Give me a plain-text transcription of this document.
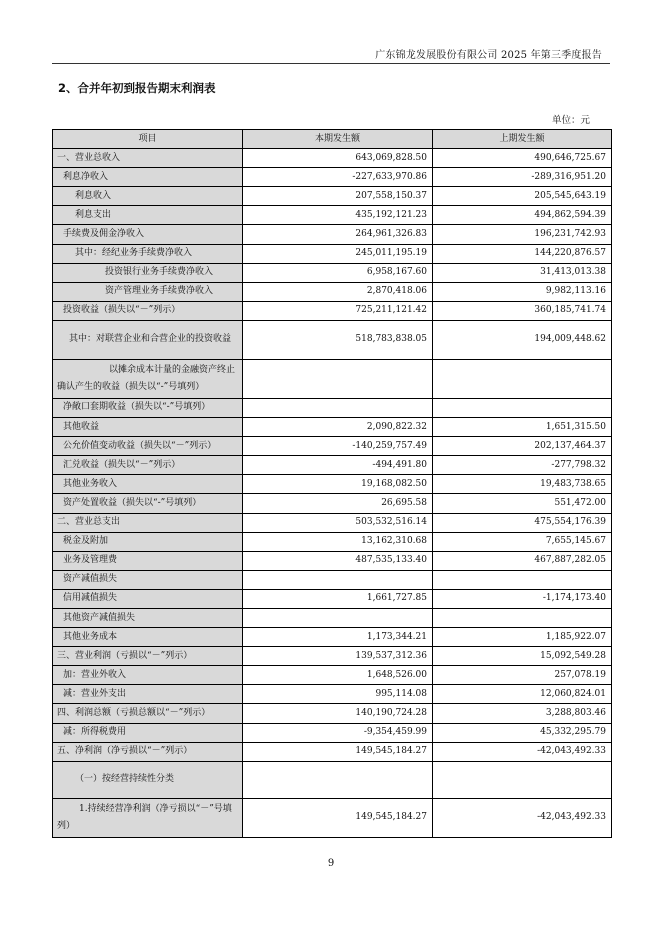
广东锦龙发展股份有限公司 2025 年第三季度报告
2、合并年初到报告期末利润表
单位：元
项目	本期发生额	上期发生额
一、营业总收入	643,069,828.50	490,646,725.67
利息净收入	-227,633,970.86	-289,316,951.20
利息收入	207,558,150.37	205,545,643.19
利息支出	435,192,121.23	494,862,594.39
手续费及佣金净收入	264,961,326.83	196,231,742.93
其中：经纪业务手续费净收入	245,011,195.19	144,220,876.57
投资银行业务手续费净收入	6,958,167.60	31,413,013.38
资产管理业务手续费净收入	2,870,418.06	9,982,113.16
投资收益（损失以“－”列示）	725,211,121.42	360,185,741.74
其中：对联营企业和合营企业的投资收益	518,783,838.05	194,009,448.62
以摊余成本计量的金融资产终止确认产生的收益（损失以“-”号填列）		
净敞口套期收益（损失以“-”号填列）		
其他收益	2,090,822.32	1,651,315.50
公允价值变动收益（损失以“－”列示）	-140,259,757.49	202,137,464.37
汇兑收益（损失以“－”列示）	-494,491.80	-277,798.32
其他业务收入	19,168,082.50	19,483,738.65
资产处置收益（损失以“-”号填列）	26,695.58	551,472.00
二、营业总支出	503,532,516.14	475,554,176.39
税金及附加	13,162,310.68	7,655,145.67
业务及管理费	487,535,133.40	467,887,282.05
资产减值损失		
信用减值损失	1,661,727.85	-1,174,173.40
其他资产减值损失		
其他业务成本	1,173,344.21	1,185,922.07
三、营业利润（亏损以“－”列示）	139,537,312.36	15,092,549.28
加：营业外收入	1,648,526.00	257,078.19
减：营业外支出	995,114.08	12,060,824.01
四、利润总额（亏损总额以“－”列示）	140,190,724.28	3,288,803.46
减：所得税费用	-9,354,459.99	45,332,295.79
五、净利润（净亏损以“－”列示）	149,545,184.27	-42,043,492.33
（一）按经营持续性分类		
1.持续经营净利润（净亏损以“－”号填列）	149,545,184.27	-42,043,492.33
9
